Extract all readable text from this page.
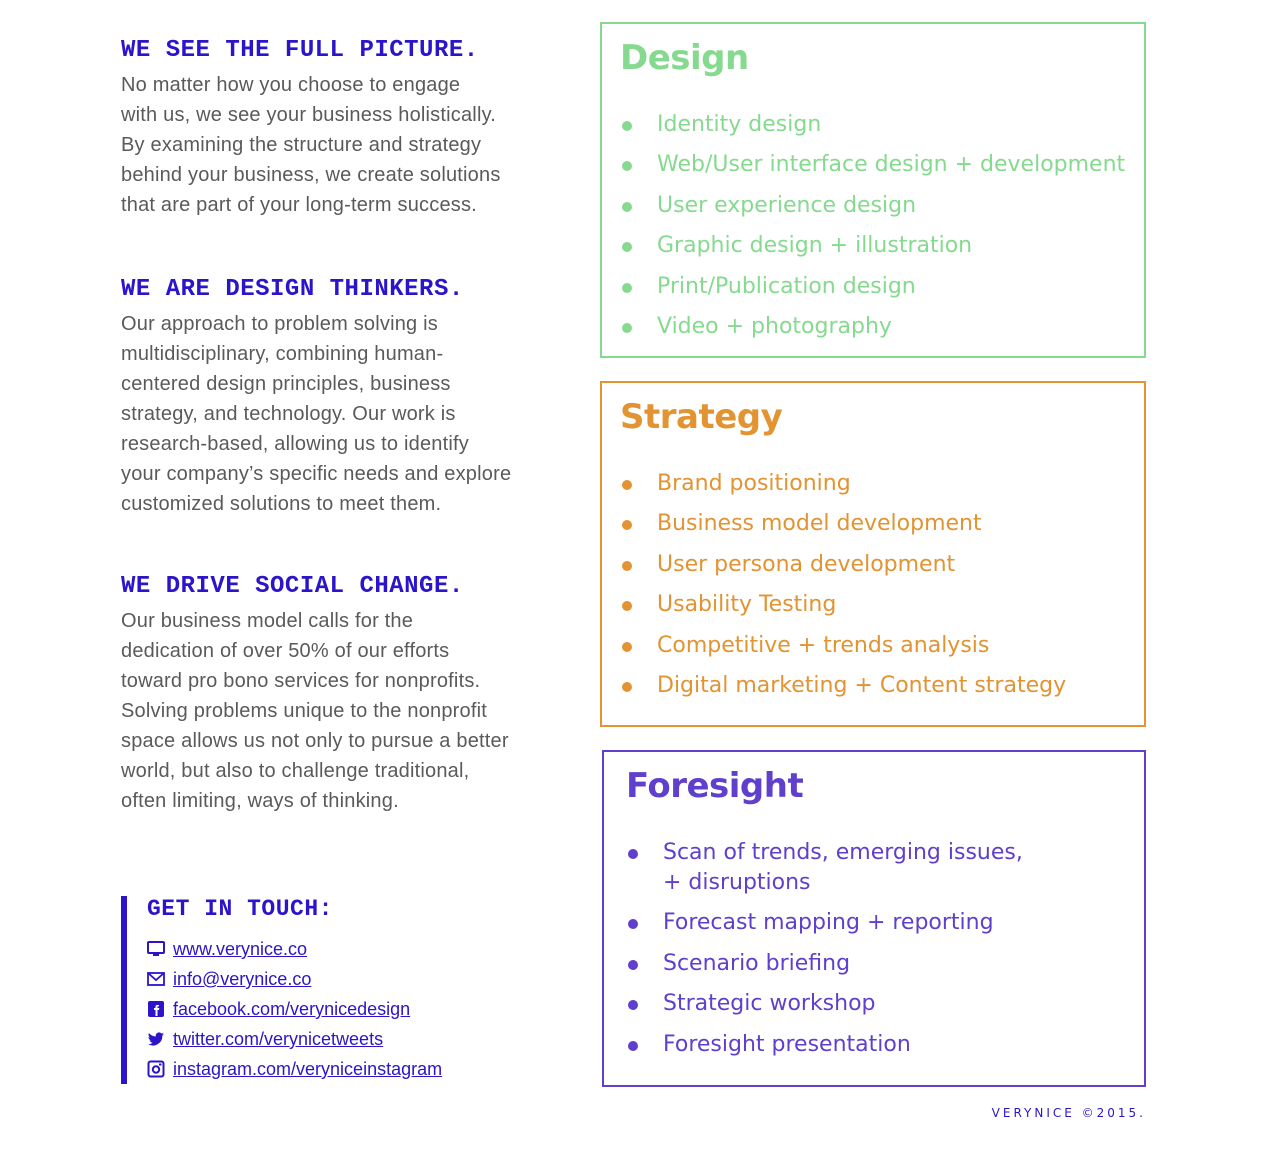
WE SEE THE FULL PICTURE.

No matter how you choose to engage
with us, we see your business holistically.
By examining the structure and strategy
behind your business, we create solutions
that are part of your long-term success.

WE ARE DESIGN THINKERS.

Our approach to problem solving is
multidisciplinary, combining human-
centered design principles, business
strategy, and technology. Our work is
research-based, allowing us to identify
your company’s specific needs and explore
customized solutions to meet them.

WE DRIVE SOCIAL CHANGE.

Our business model calls for the
dedication of over 50% of our efforts
toward pro bono services for nonprofits.
Solving problems unique to the nonprofit
space allows us not only to pursue a better
world, but also to challenge traditional,
often limiting, ways of thinking.

GET IN TOUCH:
www.verynice.co
info@verynice.co
facebook.com/verynicedesign
twitter.com/verynicetweets
instagram.com/veryniceinstagram
Design
Identity design
Web/User interface design + development
User experience design
Graphic design + illustration
Print/Publication design
Video + photography
Strategy
Brand positioning
Business model development
User persona development
Usability Testing
Competitive + trends analysis
Digital marketing + Content strategy
Foresight
Scan of trends, emerging issues,
+ disruptions
Forecast mapping + reporting
Scenario briefing
Strategic workshop
Foresight presentation
VERYNICE ©2015.
